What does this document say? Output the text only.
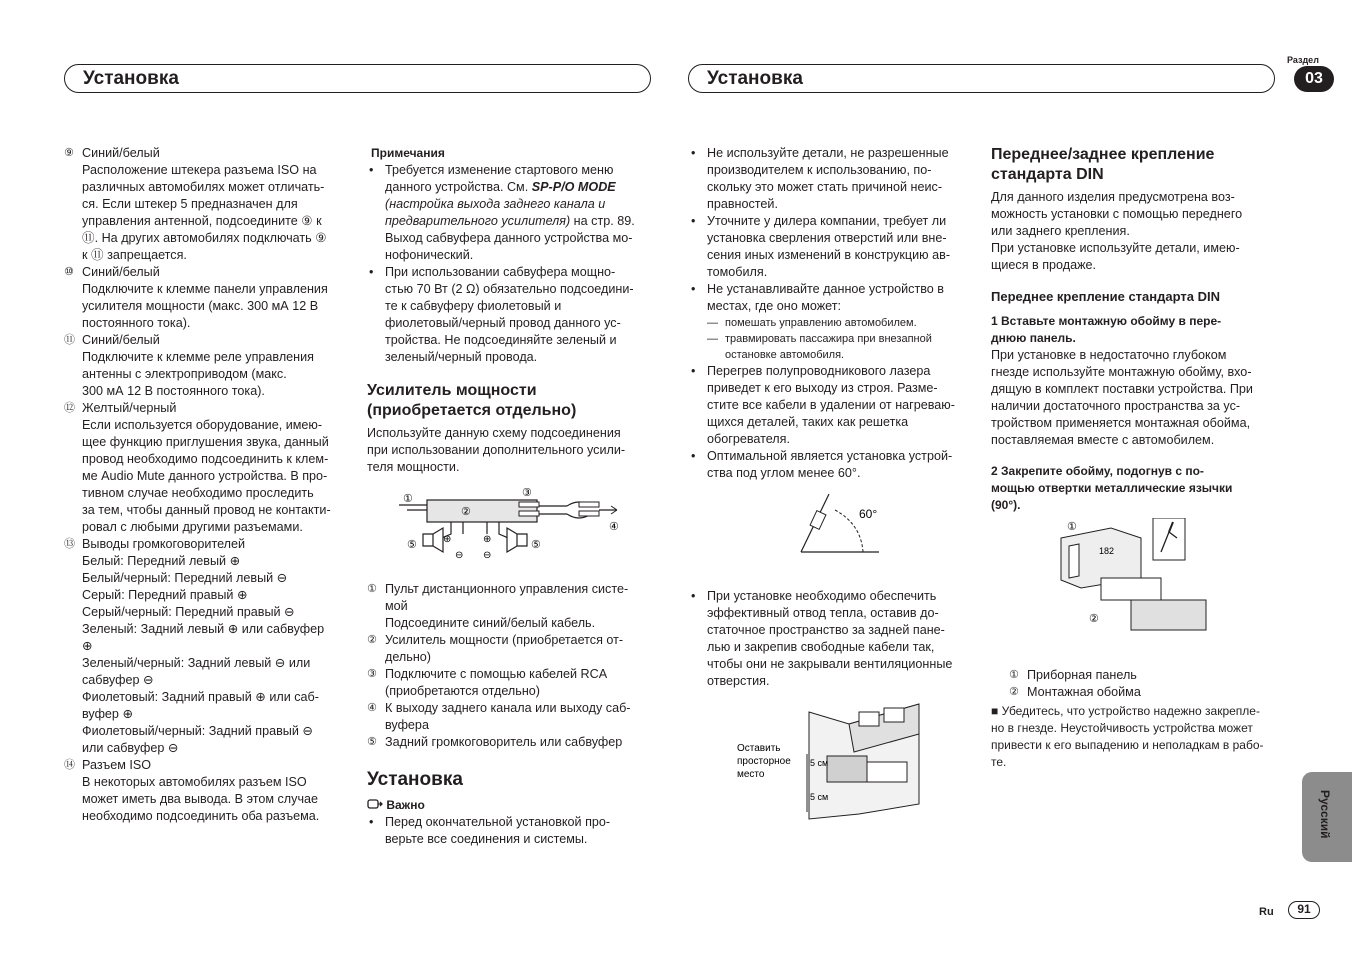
Установка	Установка
Раздел
03
Русский
Ru	91
⑨ Синий/белый
Расположение штекера разъема ISO на
различных автомобилях может отличать-
ся. Если штекер 5 предназначен для
управления антенной, подсоедините ⑨ к
⑪. На других автомобилях подключать ⑨
к ⑪ запрещается.
⑩ Синий/белый
Подключите к клемме панели управления
усилителя мощности (макс. 300 мА 12 В
постоянного тока).
⑪ Синий/белый
Подключите к клемме реле управления
антенны с электроприводом (макс.
300 мА 12 В постоянного тока).
⑫ Желтый/черный
Если используется оборудование, имею-
щее функцию приглушения звука, данный
провод необходимо подсоединить к клем-
ме Audio Mute данного устройства. В про-
тивном случае необходимо проследить
за тем, чтобы данный провод не контакти-
ровал с любыми другими разъемами.
⑬ Выводы громкоговорителей
Белый: Передний левый ⊕
Белый/черный: Передний левый ⊖
Серый: Передний правый ⊕
Серый/черный: Передний правый ⊖
Зеленый: Задний левый ⊕ или сабвуфер
⊕
Зеленый/черный: Задний левый ⊖ или
сабвуфер ⊖
Фиолетовый: Задний правый ⊕ или саб-
вуфер ⊕
Фиолетовый/черный: Задний правый ⊖
или сабвуфер ⊖
⑭ Разъем ISO
В некоторых автомобилях разъем ISO
может иметь два вывода. В этом случае
необходимо подсоединить оба разъема.

Примечания

• Требуется изменение стартового меню
данного устройства. См. SP-P/O MODE
(настройка выхода заднего канала и
предварительного усилителя) на стр. 89.
Выход сабвуфера данного устройства мо-
нофонический.
• При использовании сабвуфера мощно-
стью 70 Вт (2 Ω) обязательно подсоедини-
те к сабвуферу фиолетовый и
фиолетовый/черный провод данного ус-
тройства. Не подсоединяйте зеленый и
зеленый/черный провода.
Усилитель мощности
(приобретается отдельно)
Используйте данную схему подсоединения
при использовании дополнительного усили-
теля мощности.
①
②
③
④
⑤	⑤
⊕
⊖
⊕
⊖
① Пульт дистанционного управления систе-
мой
Подсоедините синий/белый кабель.
② Усилитель мощности (приобретается от-
дельно)
③ Подключите с помощью кабелей RCA
(приобретаются отдельно)
④ К выходу заднего канала или выходу саб-
вуфера
⑤ Задний громкоговоритель или сабвуфер
Установка
Важно
• Перед окончательной установкой про-
верьте все соединения и системы.
• Не используйте детали, не разрешенные
производителем к использованию, по-
скольку это может стать причиной неис-
правностей.
• Уточните у дилера компании, требует ли
установка сверления отверстий или вне-
сения иных изменений в конструкцию ав-
томобиля.
• Не устанавливайте данное устройство в
местах, где оно может:
— помешать управлению автомобилем.
— травмировать пассажира при внезапной
остановке автомобиля.
• Перегрев полупроводникового лазера
приведет к его выходу из строя. Разме-
стите все кабели в удалении от нагреваю-
щихся деталей, таких как решетка
обогревателя.
• Оптимальной является установка устрой-
ства под углом менее 60°.
60°
• При установке необходимо обеспечить
эффективный отвод тепла, оставив до-
статочное пространство за задней пане-
лью и закрепив свободные кабели так,
чтобы они не закрывали вентиляционные
отверстия.
Оставить
просторное
место
5 см
5 см
Переднее/заднее крепление
стандарта DIN
Для данного изделия предусмотрена воз-
можность установки с помощью переднего
или заднего крепления.
При установке используйте детали, имею-
щиеся в продаже.
Переднее крепление стандарта DIN
1 Вставьте монтажную обойму в пере-
днюю панель.
При установке в недостаточно глубоком
гнезде используйте монтажную обойму, вхо-
дящую в комплект поставки устройства. При
наличии достаточного пространства за ус-
тройством применяется монтажная обойма,
поставляемая вместе с автомобилем.
2 Закрепите обойму, подогнув с по-
мощью отвертки металлические язычки
(90°).
①
182
②
① Приборная панель
② Монтажная обойма
■ Убедитесь, что устройство надежно закрепле-
но в гнезде. Неустойчивость устройства может
привести к его выпадению и неполадкам в рабо-
те.
